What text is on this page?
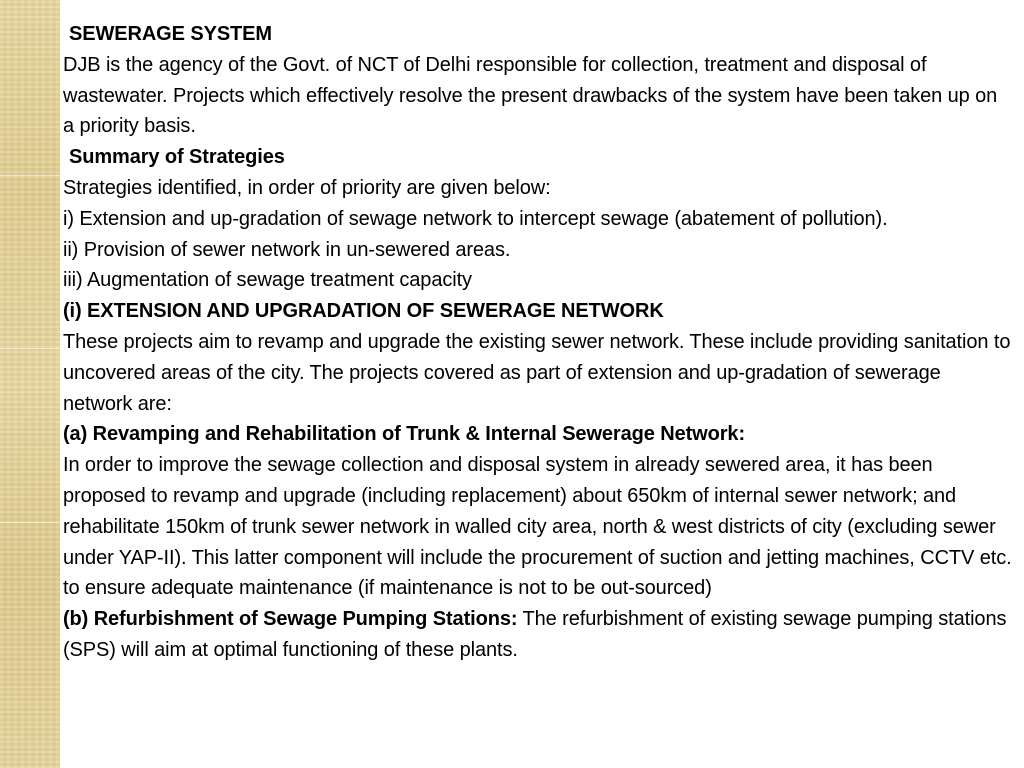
SEWERAGE SYSTEM

DJB is the agency of the Govt. of NCT of Delhi responsible for collection, treatment and disposal of wastewater. Projects which effectively resolve the present drawbacks of the system have been taken up on a priority basis.

Summary of Strategies

Strategies identified, in order of priority are given below:

i) Extension and up-gradation of sewage network to intercept sewage (abatement of pollution).

ii) Provision of sewer network in un-sewered areas.

iii) Augmentation of sewage treatment capacity

(i) EXTENSION AND UPGRADATION OF SEWERAGE NETWORK

These projects aim to revamp and upgrade the existing sewer network. These include providing sanitation to uncovered areas of the city. The projects covered as part of extension and up-gradation of sewerage network are:

(a) Revamping and Rehabilitation of Trunk & Internal Sewerage Network:

In order to improve the sewage collection and disposal system in already sewered area, it has been proposed to revamp and upgrade (including replacement) about 650km of internal sewer network; and rehabilitate 150km of trunk sewer network in walled city area, north & west districts of city (excluding sewer under YAP-II). This latter component will include the procurement of suction and jetting machines, CCTV etc. to ensure adequate maintenance (if maintenance is not to be out-sourced)

(b) Refurbishment of Sewage Pumping Stations: The refurbishment of existing sewage pumping stations (SPS) will aim at optimal functioning of these plants.
